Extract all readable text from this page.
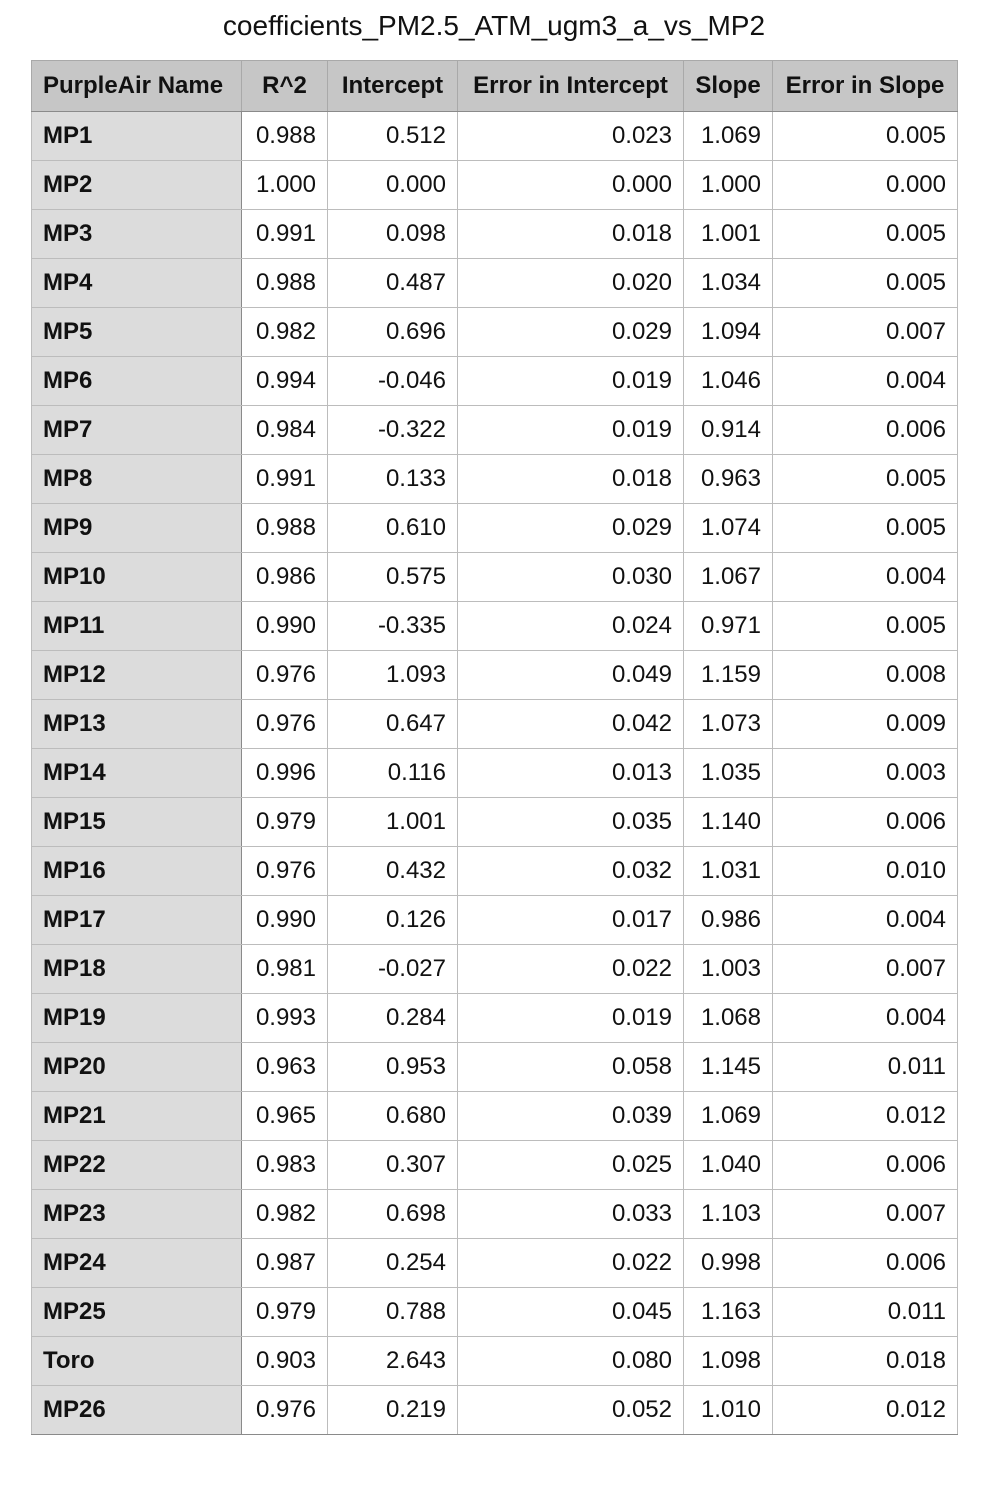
coefficients_PM2.5_ATM_ugm3_a_vs_MP2
PurpleAir Name	R^2	Intercept	Error in Intercept	Slope	Error in Slope
MP1	0.988	0.512	0.023	1.069	0.005
MP2	1.000	0.000	0.000	1.000	0.000
MP3	0.991	0.098	0.018	1.001	0.005
MP4	0.988	0.487	0.020	1.034	0.005
MP5	0.982	0.696	0.029	1.094	0.007
MP6	0.994	-0.046	0.019	1.046	0.004
MP7	0.984	-0.322	0.019	0.914	0.006
MP8	0.991	0.133	0.018	0.963	0.005
MP9	0.988	0.610	0.029	1.074	0.005
MP10	0.986	0.575	0.030	1.067	0.004
MP11	0.990	-0.335	0.024	0.971	0.005
MP12	0.976	1.093	0.049	1.159	0.008
MP13	0.976	0.647	0.042	1.073	0.009
MP14	0.996	0.116	0.013	1.035	0.003
MP15	0.979	1.001	0.035	1.140	0.006
MP16	0.976	0.432	0.032	1.031	0.010
MP17	0.990	0.126	0.017	0.986	0.004
MP18	0.981	-0.027	0.022	1.003	0.007
MP19	0.993	0.284	0.019	1.068	0.004
MP20	0.963	0.953	0.058	1.145	0.011
MP21	0.965	0.680	0.039	1.069	0.012
MP22	0.983	0.307	0.025	1.040	0.006
MP23	0.982	0.698	0.033	1.103	0.007
MP24	0.987	0.254	0.022	0.998	0.006
MP25	0.979	0.788	0.045	1.163	0.011
Toro	0.903	2.643	0.080	1.098	0.018
MP26	0.976	0.219	0.052	1.010	0.012
